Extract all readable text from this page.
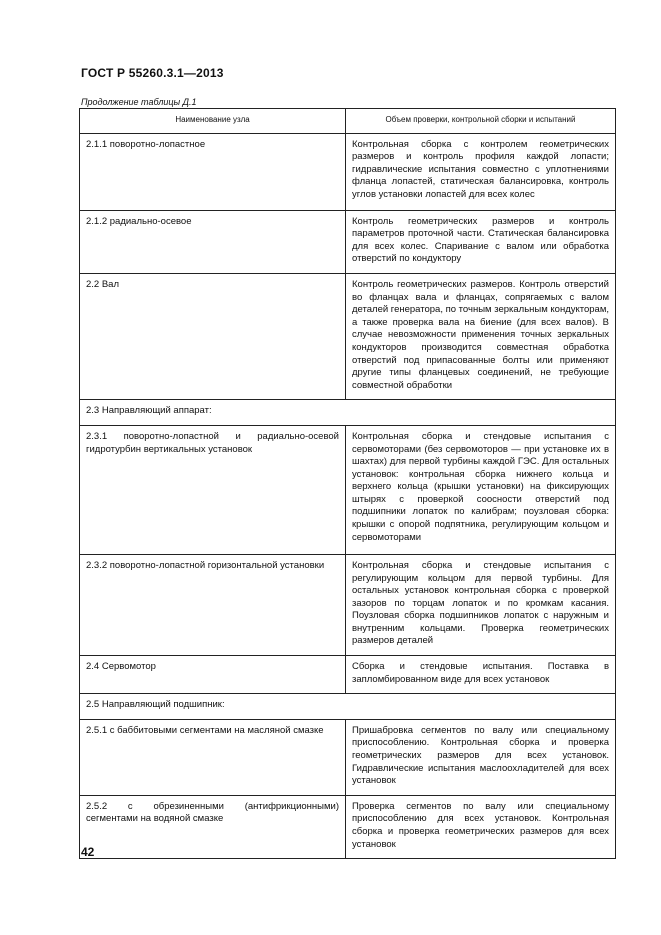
ГОСТ Р 55260.3.1—2013
Продолжение таблицы Д.1
Наименование узла	Объем проверки, контрольной сборки и испытаний
2.1.1 поворотно-лопастное	Контрольная сборка с контролем геометрических размеров и контроль профиля каждой лопасти; гидравлические испытания совместно с уплотнениями фланца лопастей, статическая балансировка, контроль углов установки лопастей для всех колес
2.1.2 радиально-осевое	Контроль геометрических размеров и контроль параметров проточной части. Статическая балансировка для всех колес. Спаривание с валом или обработка отверстий по кондуктору
2.2 Вал	Контроль геометрических размеров. Контроль отверстий во фланцах вала и фланцах, сопрягаемых с валом деталей генератора, по точным зеркальным кондукторам, а также проверка вала на биение (для всех валов). В случае невозможности применения точных зеркальных кондукторов производится совместная обработка отверстий под припасованные болты или применяют другие типы фланцевых соединений, не требующие совместной обработки
2.3 Направляющий аппарат:	
2.3.1 поворотно-лопастной и радиально-осевой гидротурбин вертикальных установок	Контрольная сборка и стендовые испытания с сервомоторами (без сервомоторов — при установке их в шахтах) для первой турбины каждой ГЭС. Для остальных установок: контрольная сборка нижнего кольца и верхнего кольца (крышки установки) на фиксирующих штырях с проверкой соосности отверстий под подшипники лопаток по калибрам; поузловая сборка: крышки с опорой подпятника, регулирующим кольцом и сервомоторами
2.3.2 поворотно-лопастной горизонтальной установки	Контрольная сборка и стендовые испытания с регулирующим кольцом для первой турбины. Для остальных установок контрольная сборка с проверкой зазоров по торцам лопаток и по кромкам касания. Поузловая сборка подшипников лопаток с наружным и внутренним кольцами. Проверка геометрических размеров деталей
2.4 Сервомотор	Сборка и стендовые испытания. Поставка в запломбированном виде для всех установок
2.5 Направляющий подшипник:	
2.5.1 с баббитовыми сегментами на масляной смазке	Пришабровка сегментов по валу или специальному приспособлению. Контрольная сборка и проверка геометрических размеров для всех установок. Гидравлические испытания маслоохладителей для всех установок
2.5.2 с обрезиненными (антифрикционными) сегментами на водяной смазке	Проверка сегментов по валу или специальному приспособлению для всех установок. Контрольная сборка и проверка геометрических размеров для всех установок
42
